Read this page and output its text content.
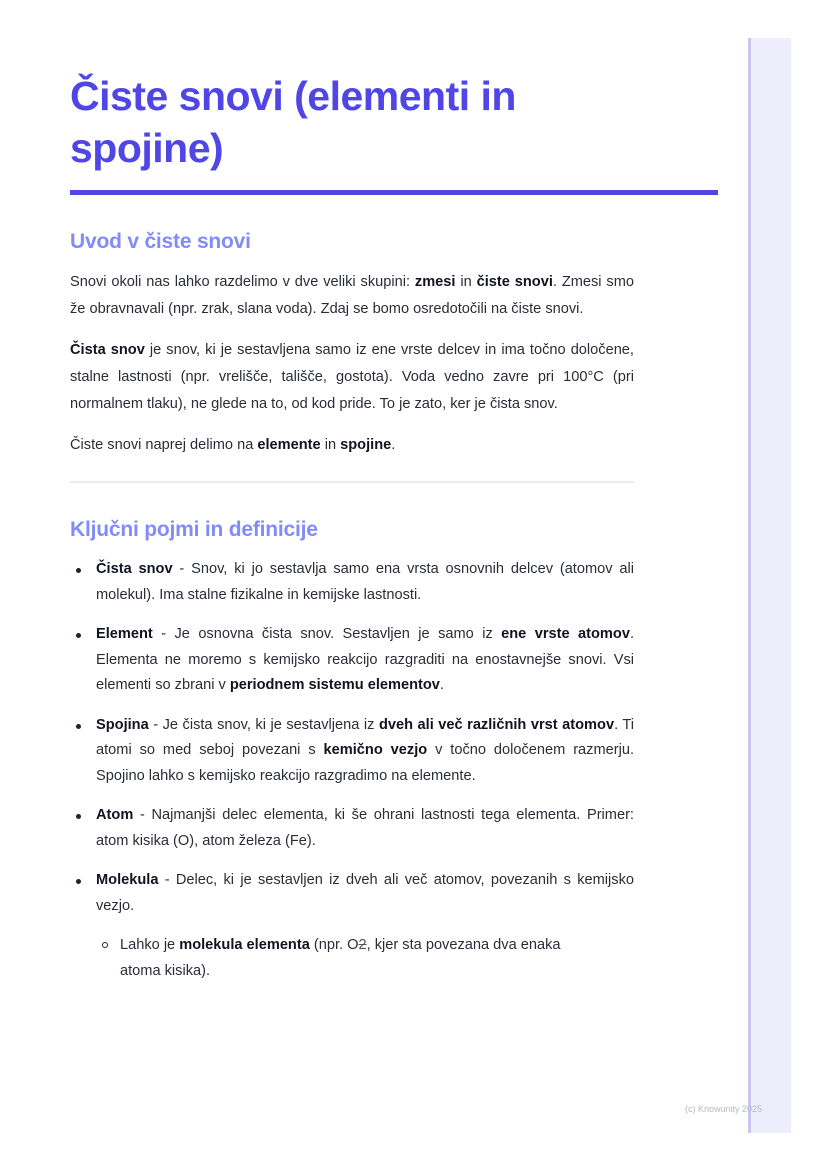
Čiste snovi (elementi in spojine)
Uvod v čiste snovi

Snovi okoli nas lahko razdelimo v dve veliki skupini: zmesi in čiste snovi. Zmesi smo že obravnavali (npr. zrak, slana voda). Zdaj se bomo osredotočili na čiste snovi.

Čista snov je snov, ki je sestavljena samo iz ene vrste delcev in ima točno določene, stalne lastnosti (npr. vrelišče, tališče, gostota). Voda vedno zavre pri 100°C (pri normalnem tlaku), ne glede na to, od kod pride. To je zato, ker je čista snov.

Čiste snovi naprej delimo na elemente in spojine.

Ključni pojmi in definicije
Čista snov - Snov, ki jo sestavlja samo ena vrsta osnovnih delcev (atomov ali molekul). Ima stalne fizikalne in kemijske lastnosti.
Element - Je osnovna čista snov. Sestavljen je samo iz ene vrste atomov. Elementa ne moremo s kemijsko reakcijo razgraditi na enostavnejše snovi. Vsi elementi so zbrani v periodnem sistemu elementov.
Spojina - Je čista snov, ki je sestavljena iz dveh ali več različnih vrst atomov. Ti atomi so med seboj povezani s kemično vezjo v točno določenem razmerju. Spojino lahko s kemijsko reakcijo razgradimo na elemente.
Atom - Najmanjši delec elementa, ki še ohrani lastnosti tega elementa. Primer: atom kisika (O), atom železa (Fe).
Molekula - Delec, ki je sestavljen iz dveh ali več atomov, povezanih s kemijsko vezjo.
Lahko je molekula elementa (npr. O2, kjer sta povezana dva enaka atoma kisika).
(c) Knowunity 2025
